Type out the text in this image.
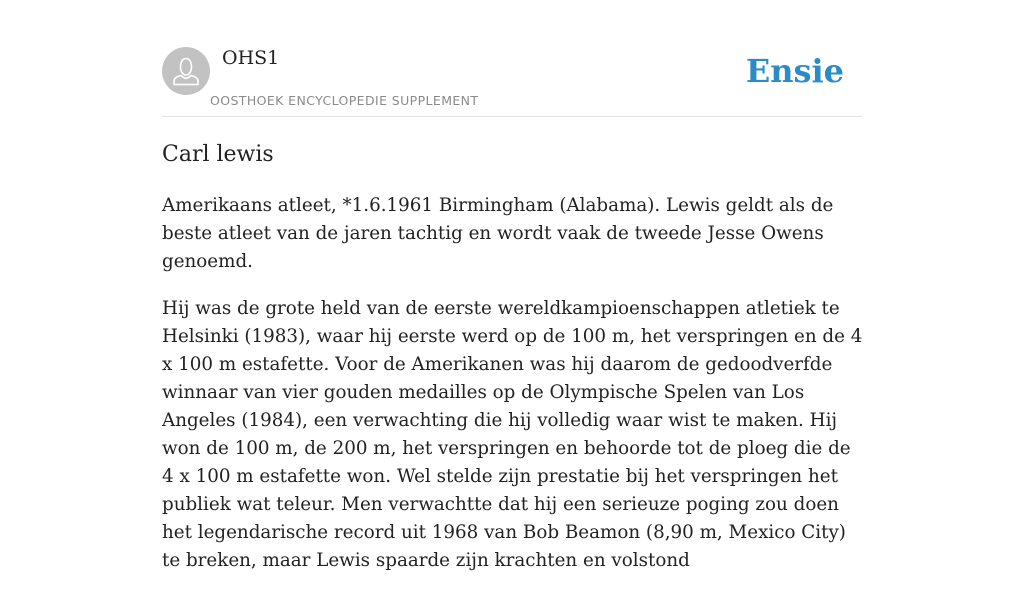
OHS1
OOSTHOEK ENCYCLOPEDIE SUPPLEMENT
Ensie
Carl lewis

Amerikaans atleet, *1.6.1961 Birmingham (Alabama). Lewis geldt als de beste atleet van de jaren tachtig en wordt vaak de tweede Jesse Owens genoemd.

Hij was de grote held van de eerste wereldkampioenschappen atletiek te Helsinki (1983), waar hij eerste werd op de 100 m, het verspringen en de 4 x 100 m estafette. Voor de Amerikanen was hij daarom de gedoodverfde winnaar van vier gouden medailles op de Olympische Spelen van Los Angeles (1984), een verwachting die hij volledig waar wist te maken. Hij won de 100 m, de 200 m, het verspringen en behoorde tot de ploeg die de 4 x 100 m estafette won. Wel stelde zijn prestatie bij het verspringen het publiek wat teleur. Men verwachtte dat hij een serieuze poging zou doen het legendarische record uit 1968 van Bob Beamon (8,90 m, Mexico City) te breken, maar Lewis spaarde zijn krachten en volstond
